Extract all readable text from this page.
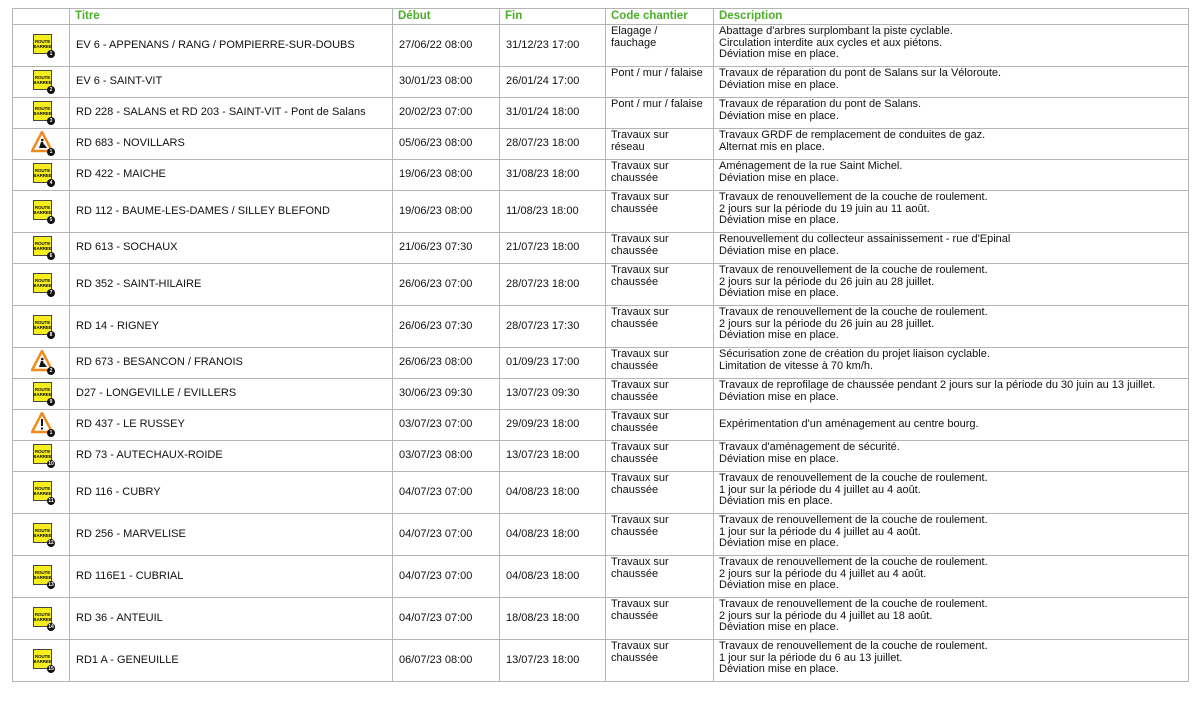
	Titre	Début	Fin	Code chantier	Description

ROUTE
BARREE
1	EV 6 - APPENANS / RANG / POMPIERRE-SUR-DOUBS	27/06/22 08:00	31/12/23 17:00	Elagage /
fauchage	Abattage d'arbres surplombant la piste cyclable.
Circulation interdite aux cycles et aux piétons.
Déviation mise en place.

ROUTE
BARREE
2	EV 6 - SAINT-VIT	30/01/23 08:00	26/01/24 17:00	Pont / mur / falaise	Travaux de réparation du pont de Salans sur la Véloroute.
Déviation mise en place.

ROUTE
BARREE
3	RD 228 - SALANS et RD 203 - SAINT-VIT - Pont de Salans	20/02/23 07:00	31/01/24 18:00	Pont / mur / falaise	Travaux de réparation du pont de Salans.
Déviation mise en place.

1	RD 683 - NOVILLARS	05/06/23 08:00	28/07/23 18:00	Travaux sur
réseau	Travaux GRDF de remplacement de conduites de gaz.
Alternat mis en place.

ROUTE
BARREE
4	RD 422 - MAICHE	19/06/23 08:00	31/08/23 18:00	Travaux sur
chaussée	Aménagement de la rue Saint Michel.
Déviation mise en place.

ROUTE
BARREE
5	RD 112 - BAUME-LES-DAMES / SILLEY BLEFOND	19/06/23 08:00	11/08/23 18:00	Travaux sur
chaussée	Travaux de renouvellement de la couche de roulement.
2 jours sur la période du 19 juin au 11 août.
Déviation mise en place.

ROUTE
BARREE
6	RD 613 - SOCHAUX	21/06/23 07:30	21/07/23 18:00	Travaux sur
chaussée	Renouvellement du collecteur assainissement - rue d'Epinal
Déviation mise en place.

ROUTE
BARREE
7	RD 352 - SAINT-HILAIRE	26/06/23 07:00	28/07/23 18:00	Travaux sur
chaussée	Travaux de renouvellement de la couche de roulement.
2 jours sur la période du 26 juin au 28 juillet.
Déviation mise en place.

ROUTE
BARREE
8	RD 14 - RIGNEY	26/06/23 07:30	28/07/23 17:30	Travaux sur
chaussée	Travaux de renouvellement de la couche de roulement.
2 jours sur la période du 26 juin au 28 juillet.
Déviation mise en place.

2	RD 673 - BESANCON / FRANOIS	26/06/23 08:00	01/09/23 17:00	Travaux sur
chaussée	Sécurisation zone de création du projet liaison cyclable.
Limitation de vitesse à 70 km/h.

ROUTE
BARREE
9	D27 - LONGEVILLE / EVILLERS	30/06/23 09:30	13/07/23 09:30	Travaux sur
chaussée	Travaux de reprofilage de chaussée pendant 2 jours sur la période du 30 juin au 13 juillet.
Déviation mise en place.

1	RD 437 - LE RUSSEY	03/07/23 07:00	29/09/23 18:00	Travaux sur
chaussée	Expérimentation d'un aménagement au centre bourg.

ROUTE
BARREE
10	RD 73 - AUTECHAUX-ROIDE	03/07/23 08:00	13/07/23 18:00	Travaux sur
chaussée	Travaux d'aménagement de sécurité.
Déviation mise en place.

ROUTE
BARREE
11	RD 116 - CUBRY	04/07/23 07:00	04/08/23 18:00	Travaux sur
chaussée	Travaux de renouvellement de la couche de roulement.
1 jour sur la période du 4 juillet au 4 août.
Déviation mis en place.

ROUTE
BARREE
12	RD 256 - MARVELISE	04/07/23 07:00	04/08/23 18:00	Travaux sur
chaussée	Travaux de renouvellement de la couche de roulement.
1 jour sur la période du 4 juillet au 4 août.
Déviation mise en place.

ROUTE
BARREE
13	RD 116E1 - CUBRIAL	04/07/23 07:00	04/08/23 18:00	Travaux sur
chaussée	Travaux de renouvellement de la couche de roulement.
2 jours sur la période du 4 juillet au 4 août.
Déviation mise en place.

ROUTE
BARREE
14	RD 36 - ANTEUIL	04/07/23 07:00	18/08/23 18:00	Travaux sur
chaussée	Travaux de renouvellement de la couche de roulement.
2 jours sur la période du 4 juillet au 18 août.
Déviation mise en place.

ROUTE
BARREE
15	RD1 A - GENEUILLE	06/07/23 08:00	13/07/23 18:00	Travaux sur
chaussée	Travaux de renouvellement de la couche de roulement.
1 jour sur la période du 6 au 13 juillet.
Déviation mise en place.
